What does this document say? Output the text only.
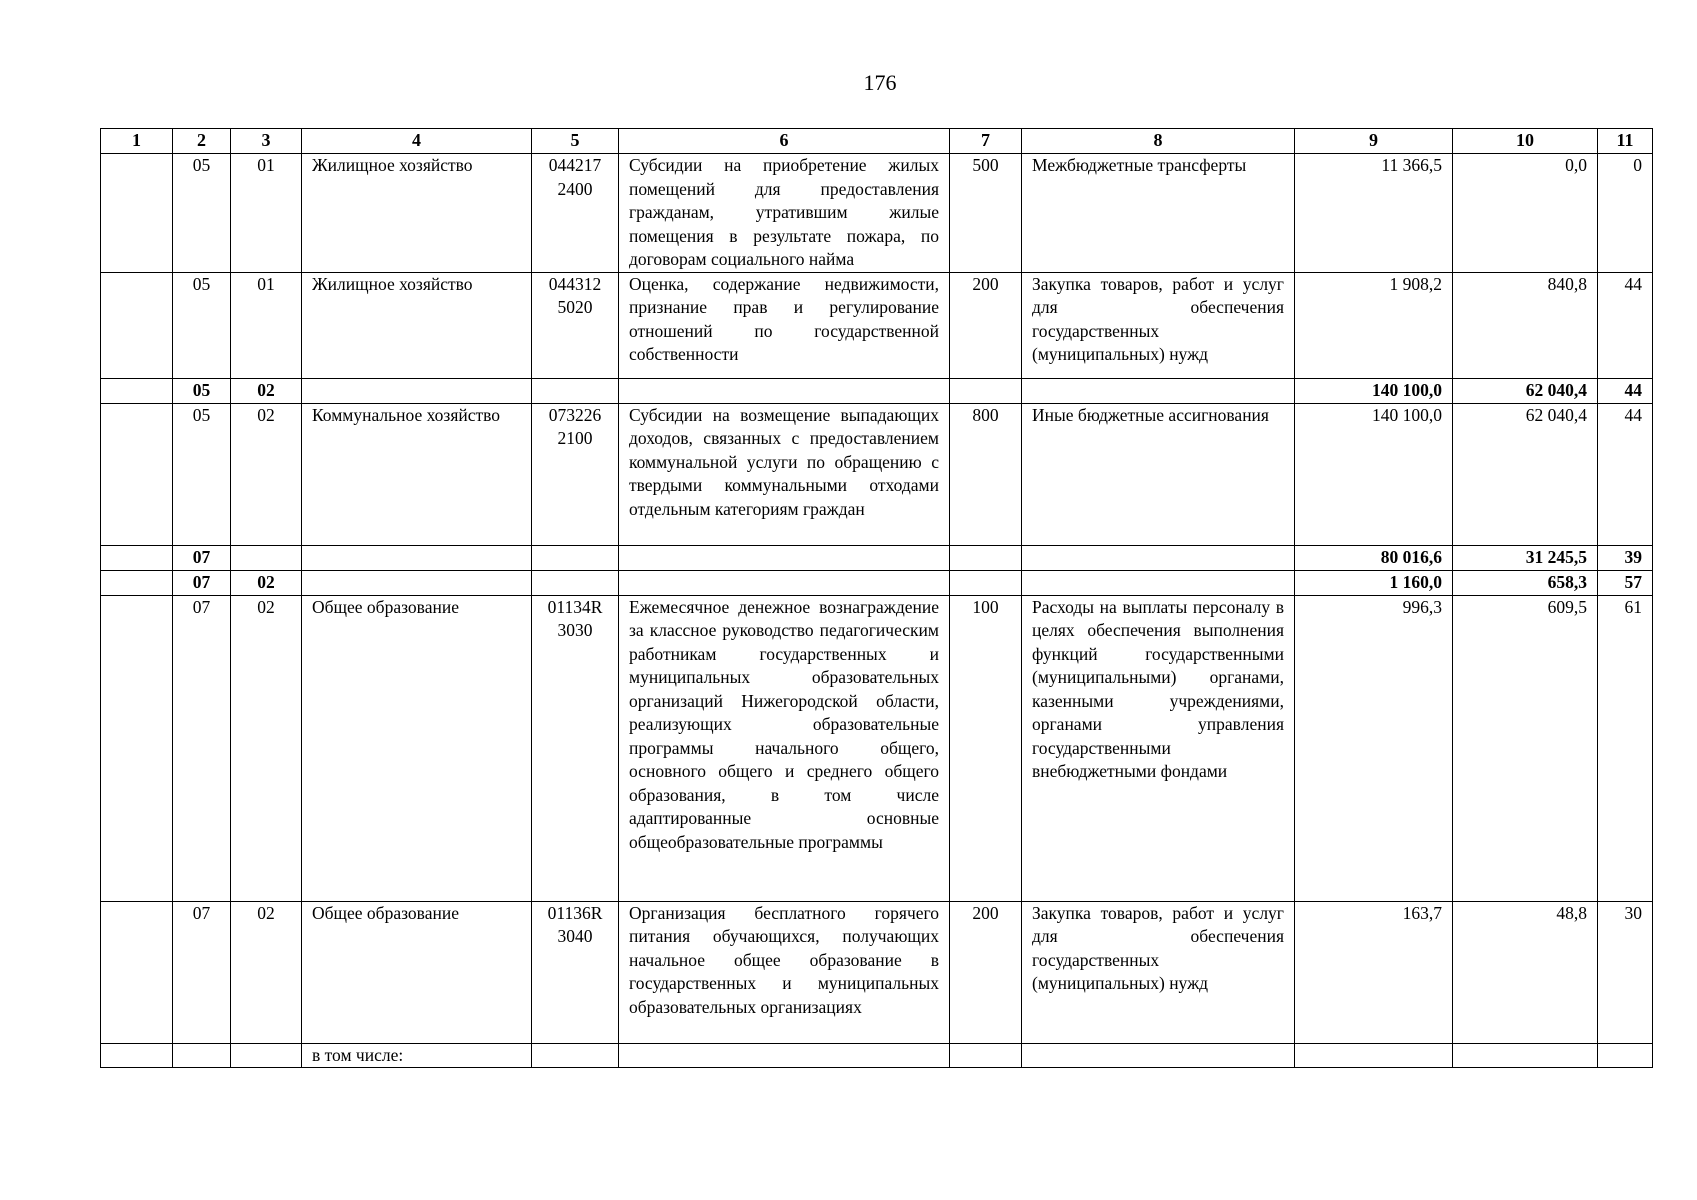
176
1	2	3	4	5	6	7	8	9	10	11
	05	01	Жилищное хозяйство	044217 2400	Субсидии на приобретение жилых помещений для предоставления гражданам, утратившим жилые помещения в результате пожара, по договорам социального найма	500	Межбюджетные трансферты	11 366,5	0,0	0
	05	01	Жилищное хозяйство	044312 5020	Оценка, содержание недвижимости, признание прав и регулирование отношений по государственной собственности	200	Закупка товаров, работ и услуг для обеспечения государственных (муниципальных) нужд	1 908,2	840,8	44
	05	02						140 100,0	62 040,4	44
	05	02	Коммунальное хозяйство	073226 2100	Субсидии на возмещение выпадающих доходов, связанных с предоставлением коммунальной услуги по обращению с твердыми коммунальными отходами отдельным категориям граждан	800	Иные бюджетные ассигнования	140 100,0	62 040,4	44
	07							80 016,6	31 245,5	39
	07	02						1 160,0	658,3	57
	07	02	Общее образование	01134R 3030	Ежемесячное денежное вознаграждение за классное руководство педагогическим работникам государственных и муниципальных образовательных организаций Нижегородской области, реализующих образовательные программы начального общего, основного общего и среднего общего образования, в том числе адаптированные основные общеобразовательные программы	100	Расходы на выплаты персоналу в целях обеспечения выполнения функций государственными (муниципальными) органами, казенными учреждениями, органами управления государственными внебюджетными фондами	996,3	609,5	61
	07	02	Общее образование	01136R 3040	Организация бесплатного горячего питания обучающихся, получающих начальное общее образование в государственных и муниципальных образовательных организациях	200	Закупка товаров, работ и услуг для обеспечения государственных (муниципальных) нужд	163,7	48,8	30
			в том числе:							
